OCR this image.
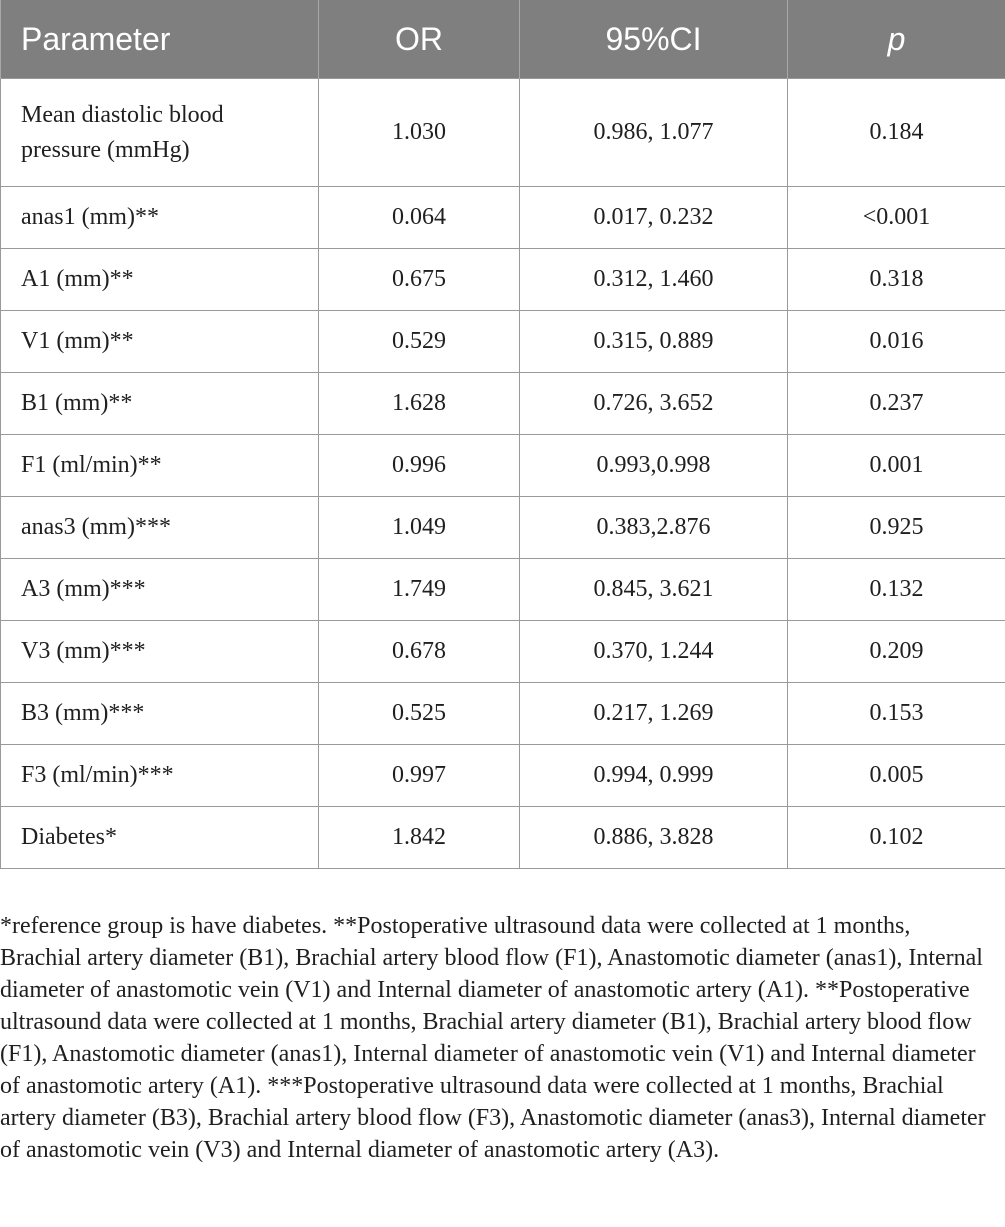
Parameter	OR	95%CI	p
Mean diastolic blood pressure (mmHg)	1.030	0.986, 1.077	0.184
anas1 (mm)**	0.064	0.017, 0.232	<0.001
A1 (mm)**	0.675	0.312, 1.460	0.318
V1 (mm)**	0.529	0.315, 0.889	0.016
B1 (mm)**	1.628	0.726, 3.652	0.237
F1 (ml/min)**	0.996	0.993,0.998	0.001
anas3 (mm)***	1.049	0.383,2.876	0.925
A3 (mm)***	1.749	0.845, 3.621	0.132
V3 (mm)***	0.678	0.370, 1.244	0.209
B3 (mm)***	0.525	0.217, 1.269	0.153
F3 (ml/min)***	0.997	0.994, 0.999	0.005
Diabetes*	1.842	0.886, 3.828	0.102

*reference group is have diabetes. **Postoperative ultrasound data were collected at 1 months, Brachial artery diameter (B1), Brachial artery blood flow (F1), Anastomotic diameter (anas1), Internal diameter of anastomotic vein (V1) and Internal diameter of anastomotic artery (A1). **Postoperative ultrasound data were collected at 1 months, Brachial artery diameter (B1), Brachial artery blood flow (F1), Anastomotic diameter (anas1), Internal diameter of anastomotic vein (V1) and Internal diameter of anastomotic artery (A1). ***Postoperative ultrasound data were collected at 1 months, Brachial artery diameter (B3), Brachial artery blood flow (F3), Anastomotic diameter (anas3), Internal diameter of anastomotic vein (V3) and Internal diameter of anastomotic artery (A3).
